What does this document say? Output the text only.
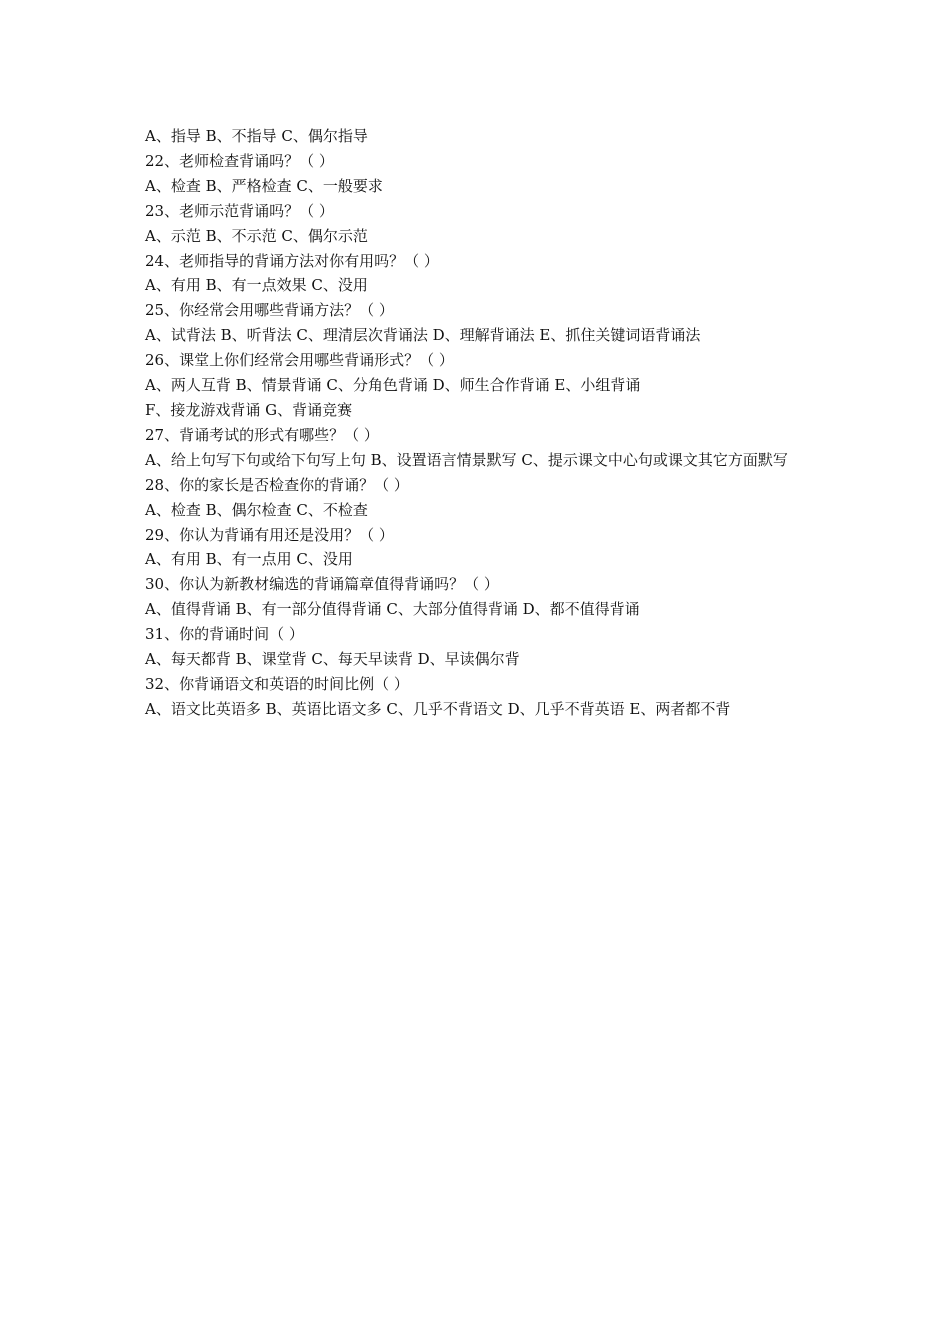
A、指导 B、不指导 C、偶尔指导

22、老师检查背诵吗？（ ）

A、检查 B、严格检查 C、一般要求

23、老师示范背诵吗？（ ）

A、示范 B、不示范 C、偶尔示范

24、老师指导的背诵方法对你有用吗？（ ）

A、有用 B、有一点效果 C、没用

25、你经常会用哪些背诵方法？（ ）

A、试背法 B、听背法 C、理清层次背诵法 D、理解背诵法 E、抓住关键词语背诵法

26、课堂上你们经常会用哪些背诵形式？（ ）

A、两人互背 B、情景背诵 C、分角色背诵 D、师生合作背诵 E、小组背诵

F、接龙游戏背诵 G、背诵竞赛

27、背诵考试的形式有哪些？（ ）

A、给上句写下句或给下句写上句 B、设置语言情景默写 C、提示课文中心句或课文其它方面默写

28、你的家长是否检查你的背诵？（ ）

A、检查 B、偶尔检查 C、不检查

29、你认为背诵有用还是没用？（ ）

A、有用 B、有一点用 C、没用

30、你认为新教材编选的背诵篇章值得背诵吗？（ ）

A、值得背诵 B、有一部分值得背诵 C、大部分值得背诵 D、都不值得背诵

31、你的背诵时间（ ）

A、每天都背 B、课堂背 C、每天早读背 D、早读偶尔背

32、你背诵语文和英语的时间比例（ ）

A、语文比英语多 B、英语比语文多 C、几乎不背语文 D、几乎不背英语 E、两者都不背
